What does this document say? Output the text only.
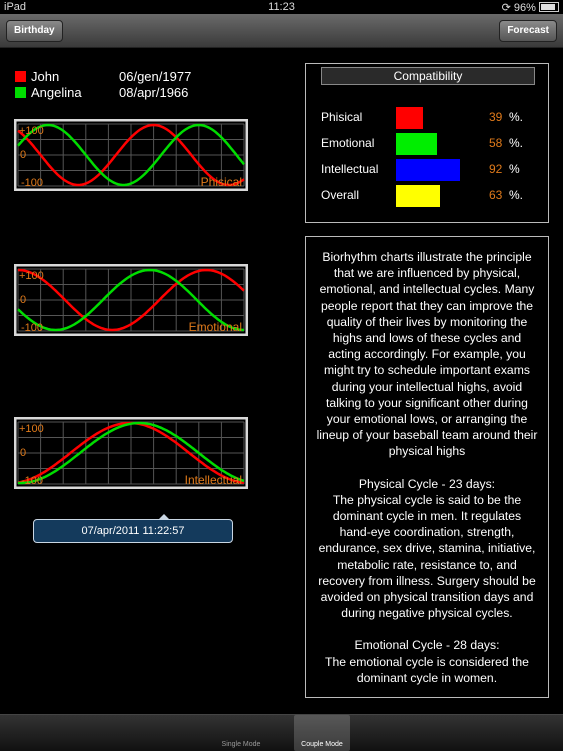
iPad	11:23	⟳ 96%
Birthday	Forecast
John	06/gen/1977
Angelina	08/apr/1966
+100
0
-100	Phisical
+100
0
-100	Emotional
+100
0
-100	Intellectual
07/apr/2011 11:22:57
Compatibility
Phisical	39 %.
Emotional	58 %.
Intellectual	92 %
Overall	63 %.

Biorhythm charts illustrate the principle that we are influenced by physical, emotional, and intellectual cycles. Many people report that they can improve the quality of their lives by monitoring the highs and lows of these cycles and acting accordingly. For example, you might try to schedule important exams during your intellectual highs, avoid talking to your significant other during your emotional lows, or arranging the lineup of your baseball team around their physical highs

Physical Cycle - 23 days:

The physical cycle is said to be the dominant cycle in men. It regulates hand-eye coordination, strength, endurance, sex drive, stamina, initiative, metabolic rate, resistance to, and recovery from illness. Surgery should be avoided on physical transition days and during negative physical cycles.

Emotional Cycle - 28 days:

The emotional cycle is considered the dominant cycle in women.

Single Mode	Couple Mode
